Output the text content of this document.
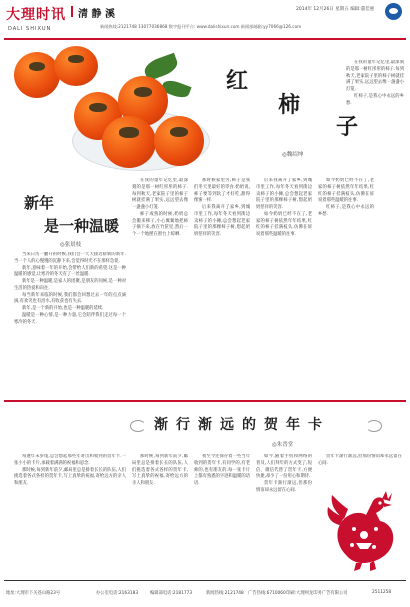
大理时讯
DALI SHIXUN
清 静 溪
新闻热线:2121748 13077036868 数字报刊平台: www.dalishixun.com 新闻部邮箱:yy7066@126.com
2014年 12月26日 星期五 编辑:董佳惠
红
柿
子
◎魏绍坤
新年
是一种温暖
◎张晨枝

当来日历一翻开的时候,我们会一天天接近崭新的新年.当一个人的心慢慢的沉静下来,会觉得时光不在那样急促.

新年,意味着一年的开始,会带给人们新的希望.这是一种温暖的感觉,让寒冷的冬天有了一丝温暖.

新年是一种温暖,是家人的团聚,是朋友的问候,是一种对生活的热爱和向往.

每当新年来临的时候,我们都会回想过去一年的点点滴滴,有欢笑也有泪水,有收获也有失去.

新年,是一个新的开始,也是一种温暖的延续.

温暖是一种心情,是一种力量,它会陪伴我们走过每一个寒冷的冬天.

在我的童年记忆里,最深刻的是那一树红彤彤的柿子.每到秋天,老家院子里的柿子树就挂满了果实,远远望去像一盏盏小灯笼.

柿子成熟的时候,奶奶总会搬来梯子,小心翼翼地把柿子摘下来,放在竹筐里,然后一个一个地摆在窗台上晾晒.

那时候家里穷,柿子是我们冬天里最好的零食.奶奶说,柿子要等到软了才好吃,甜得像蜜一样.

后来我离开了家乡,到城市里工作,每年冬天看到街边卖柿子的小摊,总会想起老家院子里的那棵柿子树,想起奶奶慈祥的笑容.

后来我离开了家乡,到城市里工作,每年冬天看到街边卖柿子的小摊,总会想起老家院子里的那棵柿子树,想起奶奶慈祥的笑容.

如今奶奶已经不在了,老家的柿子树依然年年结果,红红的柿子挂满枝头,仿佛在诉说着那些温暖的往事.

如今奶奶已经不在了,老家的柿子树依然年年结果,红红的柿子挂满枝头,仿佛在诉说着那些温暖的往事.

红柿子,是我心中永远的乡愁.

在我的童年记忆里,最深刻的是那一树红彤彤的柿子.每到秋天,老家院子里的柿子树就挂满了果实,远远望去像一盏盏小灯笼.

红柿子,是我心中永远的乡愁.

渐行渐远的贺年卡
◎朱晋堂

每逢年末岁尾,总会想起那些年寄出和收到的贺年卡.一张小小的卡片,承载着满满的祝福和思念.

那时候,每到新年前夕,邮局里总是排着长长的队伍,人们挑选着各式各样的贺年卡,写上真挚的祝福,寄给远方的亲人和朋友.

那时候,每到新年前夕,邮局里总是排着长长的队伍,人们挑选着各式各样的贺年卡,写上真挚的祝福,寄给远方的亲人和朋友.

我至今还保存着一些当年收到的贺年卡,有同学的,有老师的,也有朋友的.每一张卡片上都有熟悉的字迹和温暖的话语.

如今,随着手机和网络的普及,人们拜年的方式变了,短信、微信代替了贺年卡,方便快捷,却少了一份用心和期待.

贺年卡渐行渐远,但那份情谊却永远留在心间.

贺年卡渐行渐远,但那份情谊却永远留在心间.

地址:大理市下关苍山路23号	办公室电话:2163183	编辑部电话:2181773	新闻热线:2121748 广告热线:6710060 印刷:大理州龙印务广告有限公司	2511258
